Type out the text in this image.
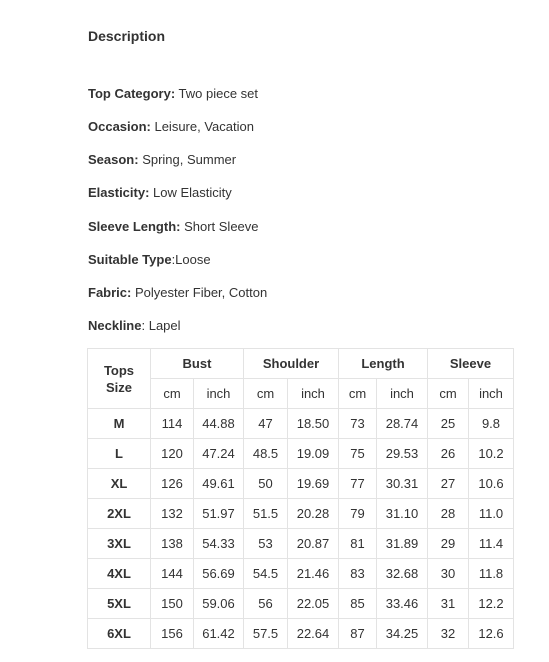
Description
Top Category: Two piece set
Occasion: Leisure, Vacation
Season: Spring, Summer
Elasticity: Low Elasticity
Sleeve Length: Short Sleeve
Suitable Type:Loose
Fabric: Polyester Fiber, Cotton
Neckline: Lapel
Tops
Size	Bust		Shoulder		Length		Sleeve	
	cm	inch	cm	inch	cm	inch	cm	inch
M	114	44.88	47	18.50	73	28.74	25	9.8
L	120	47.24	48.5	19.09	75	29.53	26	10.2
XL	126	49.61	50	19.69	77	30.31	27	10.6
2XL	132	51.97	51.5	20.28	79	31.10	28	11.0
3XL	138	54.33	53	20.87	81	31.89	29	11.4
4XL	144	56.69	54.5	21.46	83	32.68	30	11.8
5XL	150	59.06	56	22.05	85	33.46	31	12.2
6XL	156	61.42	57.5	22.64	87	34.25	32	12.6
